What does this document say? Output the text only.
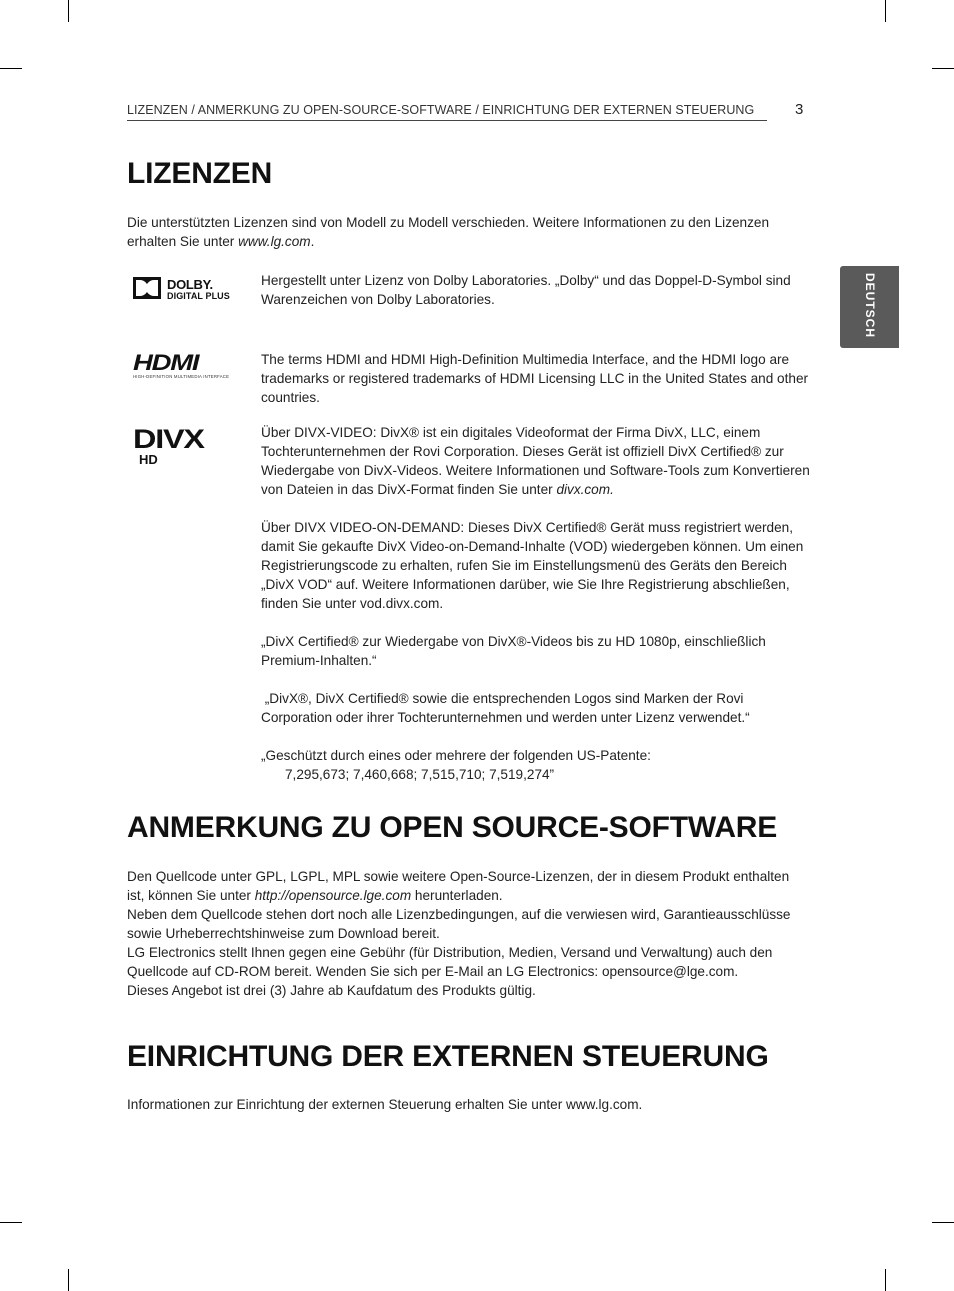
LIZENZEN / ANMERKUNG ZU OPEN-SOURCE-SOFTWARE / EINRICHTUNG DER EXTERNEN STEUERUNG	3
DEUTSCH
LIZENZEN

Die unterstützten Lizenzen sind von Modell zu Modell verschieden. Weitere Informationen zu den Lizenzen erhalten Sie unter www.lg.com.

DOLBY.
DIGITAL PLUS

Hergestellt unter Lizenz von Dolby Laboratories. „Dolby“ und das Doppel-D-Symbol sind Warenzeichen von Dolby Laboratories.

HDMI
HIGH-DEFINITION MULTIMEDIA INTERFACE

The terms HDMI and HDMI High-Definition Multimedia Interface, and the HDMI logo are trademarks or registered trademarks of HDMI Licensing LLC in the United States and other countries.

DIVX
HD

Über DIVX-VIDEO: DivX® ist ein digitales Videoformat der Firma DivX, LLC, einem Tochterunternehmen der Rovi Corporation. Dieses Gerät ist offiziell DivX Certified® zur Wiedergabe von DivX-Videos. Weitere Informationen und Software-Tools zum Konvertieren von Dateien in das DivX-Format finden Sie unter divx.com.

Über DIVX VIDEO-ON-DEMAND: Dieses DivX Certified® Gerät muss registriert werden, damit Sie gekaufte DivX Video-on-Demand-Inhalte (VOD) wiedergeben können. Um einen Registrierungscode zu erhalten, rufen Sie im Einstellungsmenü des Geräts den Bereich „DivX VOD“ auf. Weitere Informationen darüber, wie Sie Ihre Registrierung abschließen, finden Sie unter vod.divx.com.

„DivX Certified® zur Wiedergabe von DivX®-Videos bis zu HD 1080p, einschließlich Premium-Inhalten.“

„DivX®, DivX Certified® sowie die entsprechenden Logos sind Marken der Rovi Corporation oder ihrer Tochterunternehmen und werden unter Lizenz verwendet.“

„Geschützt durch eines oder mehrere der folgenden US-Patente:
7,295,673; 7,460,668; 7,515,710; 7,519,274”

ANMERKUNG ZU OPEN SOURCE-SOFTWARE

Den Quellcode unter GPL, LGPL, MPL sowie weitere Open-Source-Lizenzen, der in diesem Produkt enthalten ist, können Sie unter http://opensource.lge.com herunterladen.
Neben dem Quellcode stehen dort noch alle Lizenzbedingungen, auf die verwiesen wird, Garantieausschlüsse sowie Urheberrechtshinweise zum Download bereit.
LG Electronics stellt Ihnen gegen eine Gebühr (für Distribution, Medien, Versand und Verwaltung) auch den Quellcode auf CD-ROM bereit. Wenden Sie sich per E-Mail an LG Electronics: opensource@lge.com.
Dieses Angebot ist drei (3) Jahre ab Kaufdatum des Produkts gültig.

EINRICHTUNG DER EXTERNEN STEUERUNG

Informationen zur Einrichtung der externen Steuerung erhalten Sie unter www.lg.com.
